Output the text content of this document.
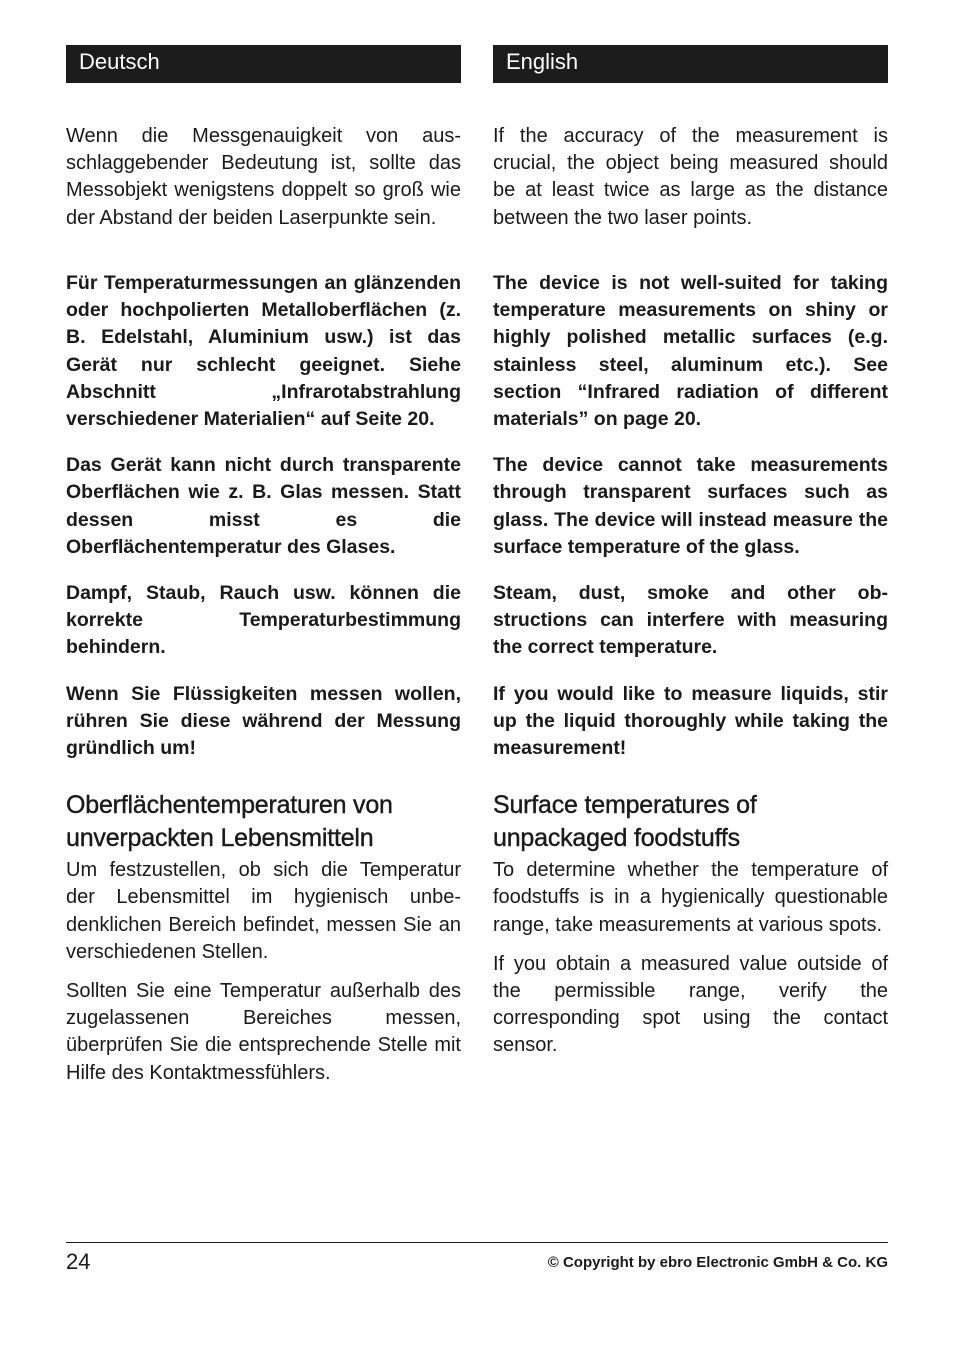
Deutsch

Wenn die Messgenauigkeit von ausschlaggebender Bedeutung ist, sollte das Messobjekt wenigstens doppelt so groß wie der Abstand der beiden Laserpunkte sein.

Für Temperaturmessungen an glänzenden oder hochpolierten Metalloberflächen (z. B. Edelstahl, Aluminium usw.) ist das Gerät nur schlecht geeignet. Siehe Abschnitt „Infrarotabstrahlung verschiedener Materialien“ auf Seite 20.

Das Gerät kann nicht durch transparente Oberflächen wie z. B. Glas messen. Statt dessen misst es die Oberflächentemperatur des Glases.

Dampf, Staub, Rauch usw. können die korrekte Temperaturbestimmung behindern.

Wenn Sie Flüssigkeiten messen wollen, rühren Sie diese während der Messung gründlich um!

Oberflächentemperaturen von unverpackten Lebensmitteln

Um festzustellen, ob sich die Temperatur der Lebensmittel im hygienisch unbedenklichen Bereich befindet, messen Sie an verschiedenen Stellen.

Sollten Sie eine Temperatur außerhalb des zugelassenen Bereiches messen, überprüfen Sie die entsprechende Stelle mit Hilfe des Kontaktmessfühlers.

English

If the accuracy of the measurement is crucial, the object being measured should be at least twice as large as the distance between the two laser points.

The device is not well-suited for taking temperature measurements on shiny or highly polished metallic surfaces (e.g. stainless steel, aluminum etc.). See section “Infrared radiation of different materials” on page 20.

The device cannot take measurements through transparent surfaces such as glass. The device will instead measure the surface temperature of the glass.

Steam, dust, smoke and other obstructions can interfere with measuring the correct temperature.

If you would like to measure liquids, stir up the liquid thoroughly while taking the measurement!

Surface temperatures of unpackaged foodstuffs

To determine whether the temperature of foodstuffs is in a hygienically questionable range, take measurements at various spots.

If you obtain a measured value outside of the permissible range, verify the corresponding spot using the contact sensor.

24	© Copyright by ebro Electronic GmbH & Co. KG
